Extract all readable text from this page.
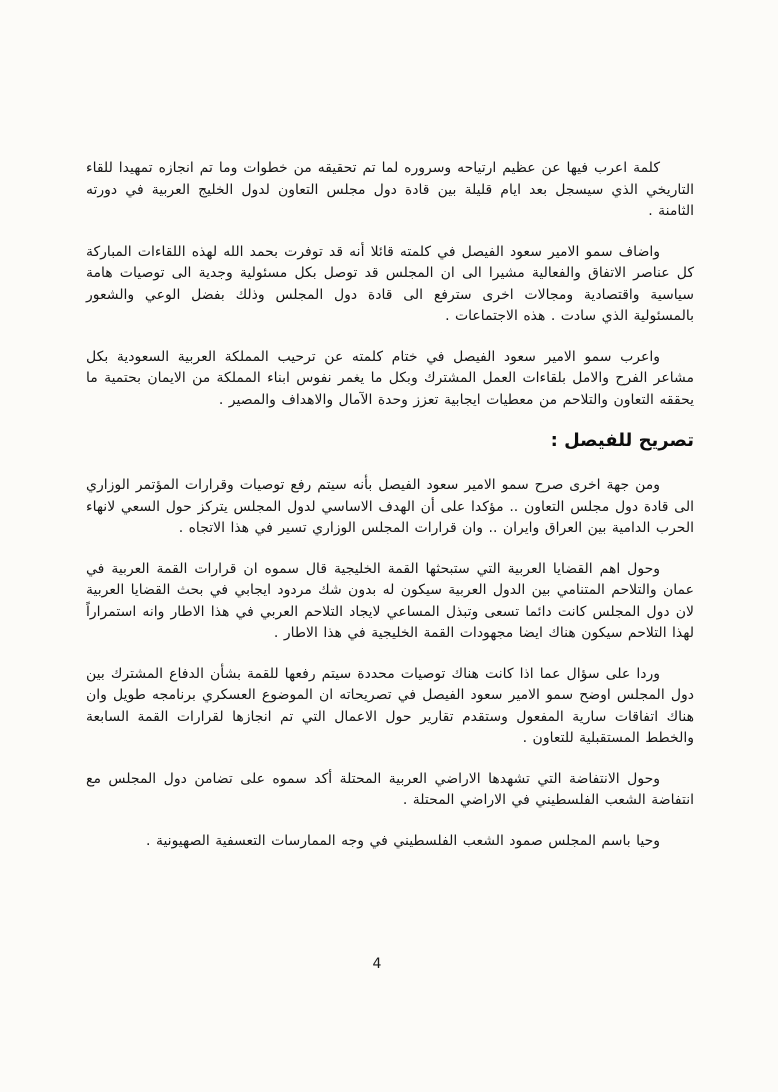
كلمة اعرب فيها عن عظيم ارتياحه وسروره لما تم تحقيقه من خطوات وما تم انجازه تمهيدا للقاء التاريخي الذي سيسجل بعد ايام قليلة بين قادة دول مجلس التعاون لدول الخليج العربية في دورته الثامنة .

واضاف سمو الامير سعود الفيصل في كلمته قائلا أنه قد توفرت بحمد الله لهذه اللقاءات المباركة كل عناصر الاتفاق والفعالية مشيرا الى ان المجلس قد توصل بكل مسئولية وجدية الى توصيات هامة سياسية واقتصادية ومجالات اخرى سترفع الى قادة دول المجلس وذلك بفضل الوعي والشعور بالمسئولية الذي سادت . هذه الاجتماعات .

واعرب سمو الامير سعود الفيصل في ختام كلمته عن ترحيب المملكة العربية السعودية بكل مشاعر الفرح والامل بلقاءات العمل المشترك وبكل ما يغمر نفوس ابناء المملكة من الايمان بحتمية ما يحققه التعاون والتلاحم من معطيات ايجابية تعزز وحدة الآمال والاهداف والمصير .

تصريح للفيصل :

ومن جهة اخرى صرح سمو الامير سعود الفيصل بأنه سيتم رفع توصيات وقرارات المؤتمر الوزاري الى قادة دول مجلس التعاون .. مؤكدا على أن الهدف الاساسي لدول المجلس يتركز حول السعي لانهاء الحرب الدامية بين العراق وايران .. وان قرارات المجلس الوزاري تسير في هذا الاتجاه .

وحول اهم القضايا العربية التي ستبحثها القمة الخليجية قال سموه ان قرارات القمة العربية في عمان والتلاحم المتنامي بين الدول العربية سيكون له بدون شك مردود ايجابي في بحث القضايا العربية لان دول المجلس كانت دائما تسعى وتبذل المساعي لايجاد التلاحم العربي في هذا الاطار وانه استمراراً لهذا التلاحم سيكون هناك ايضا مجهودات القمة الخليجية في هذا الاطار .

وردا على سؤال عما اذا كانت هناك توصيات محددة سيتم رفعها للقمة بشأن الدفاع المشترك بين دول المجلس اوضح سمو الامير سعود الفيصل في تصريحاته ان الموضوع العسكري برنامجه طويل وان هناك اتفاقات سارية المفعول وستقدم تقارير حول الاعمال التي تم انجازها لقرارات القمة السابعة والخطط المستقبلية للتعاون .

وحول الانتفاضة التي تشهدها الاراضي العربية المحتلة أكد سموه على تضامن دول المجلس مع انتفاضة الشعب الفلسطيني في الاراضي المحتلة .

وحيا باسم المجلس صمود الشعب الفلسطيني في وجه الممارسات التعسفية الصهيونية .

4
